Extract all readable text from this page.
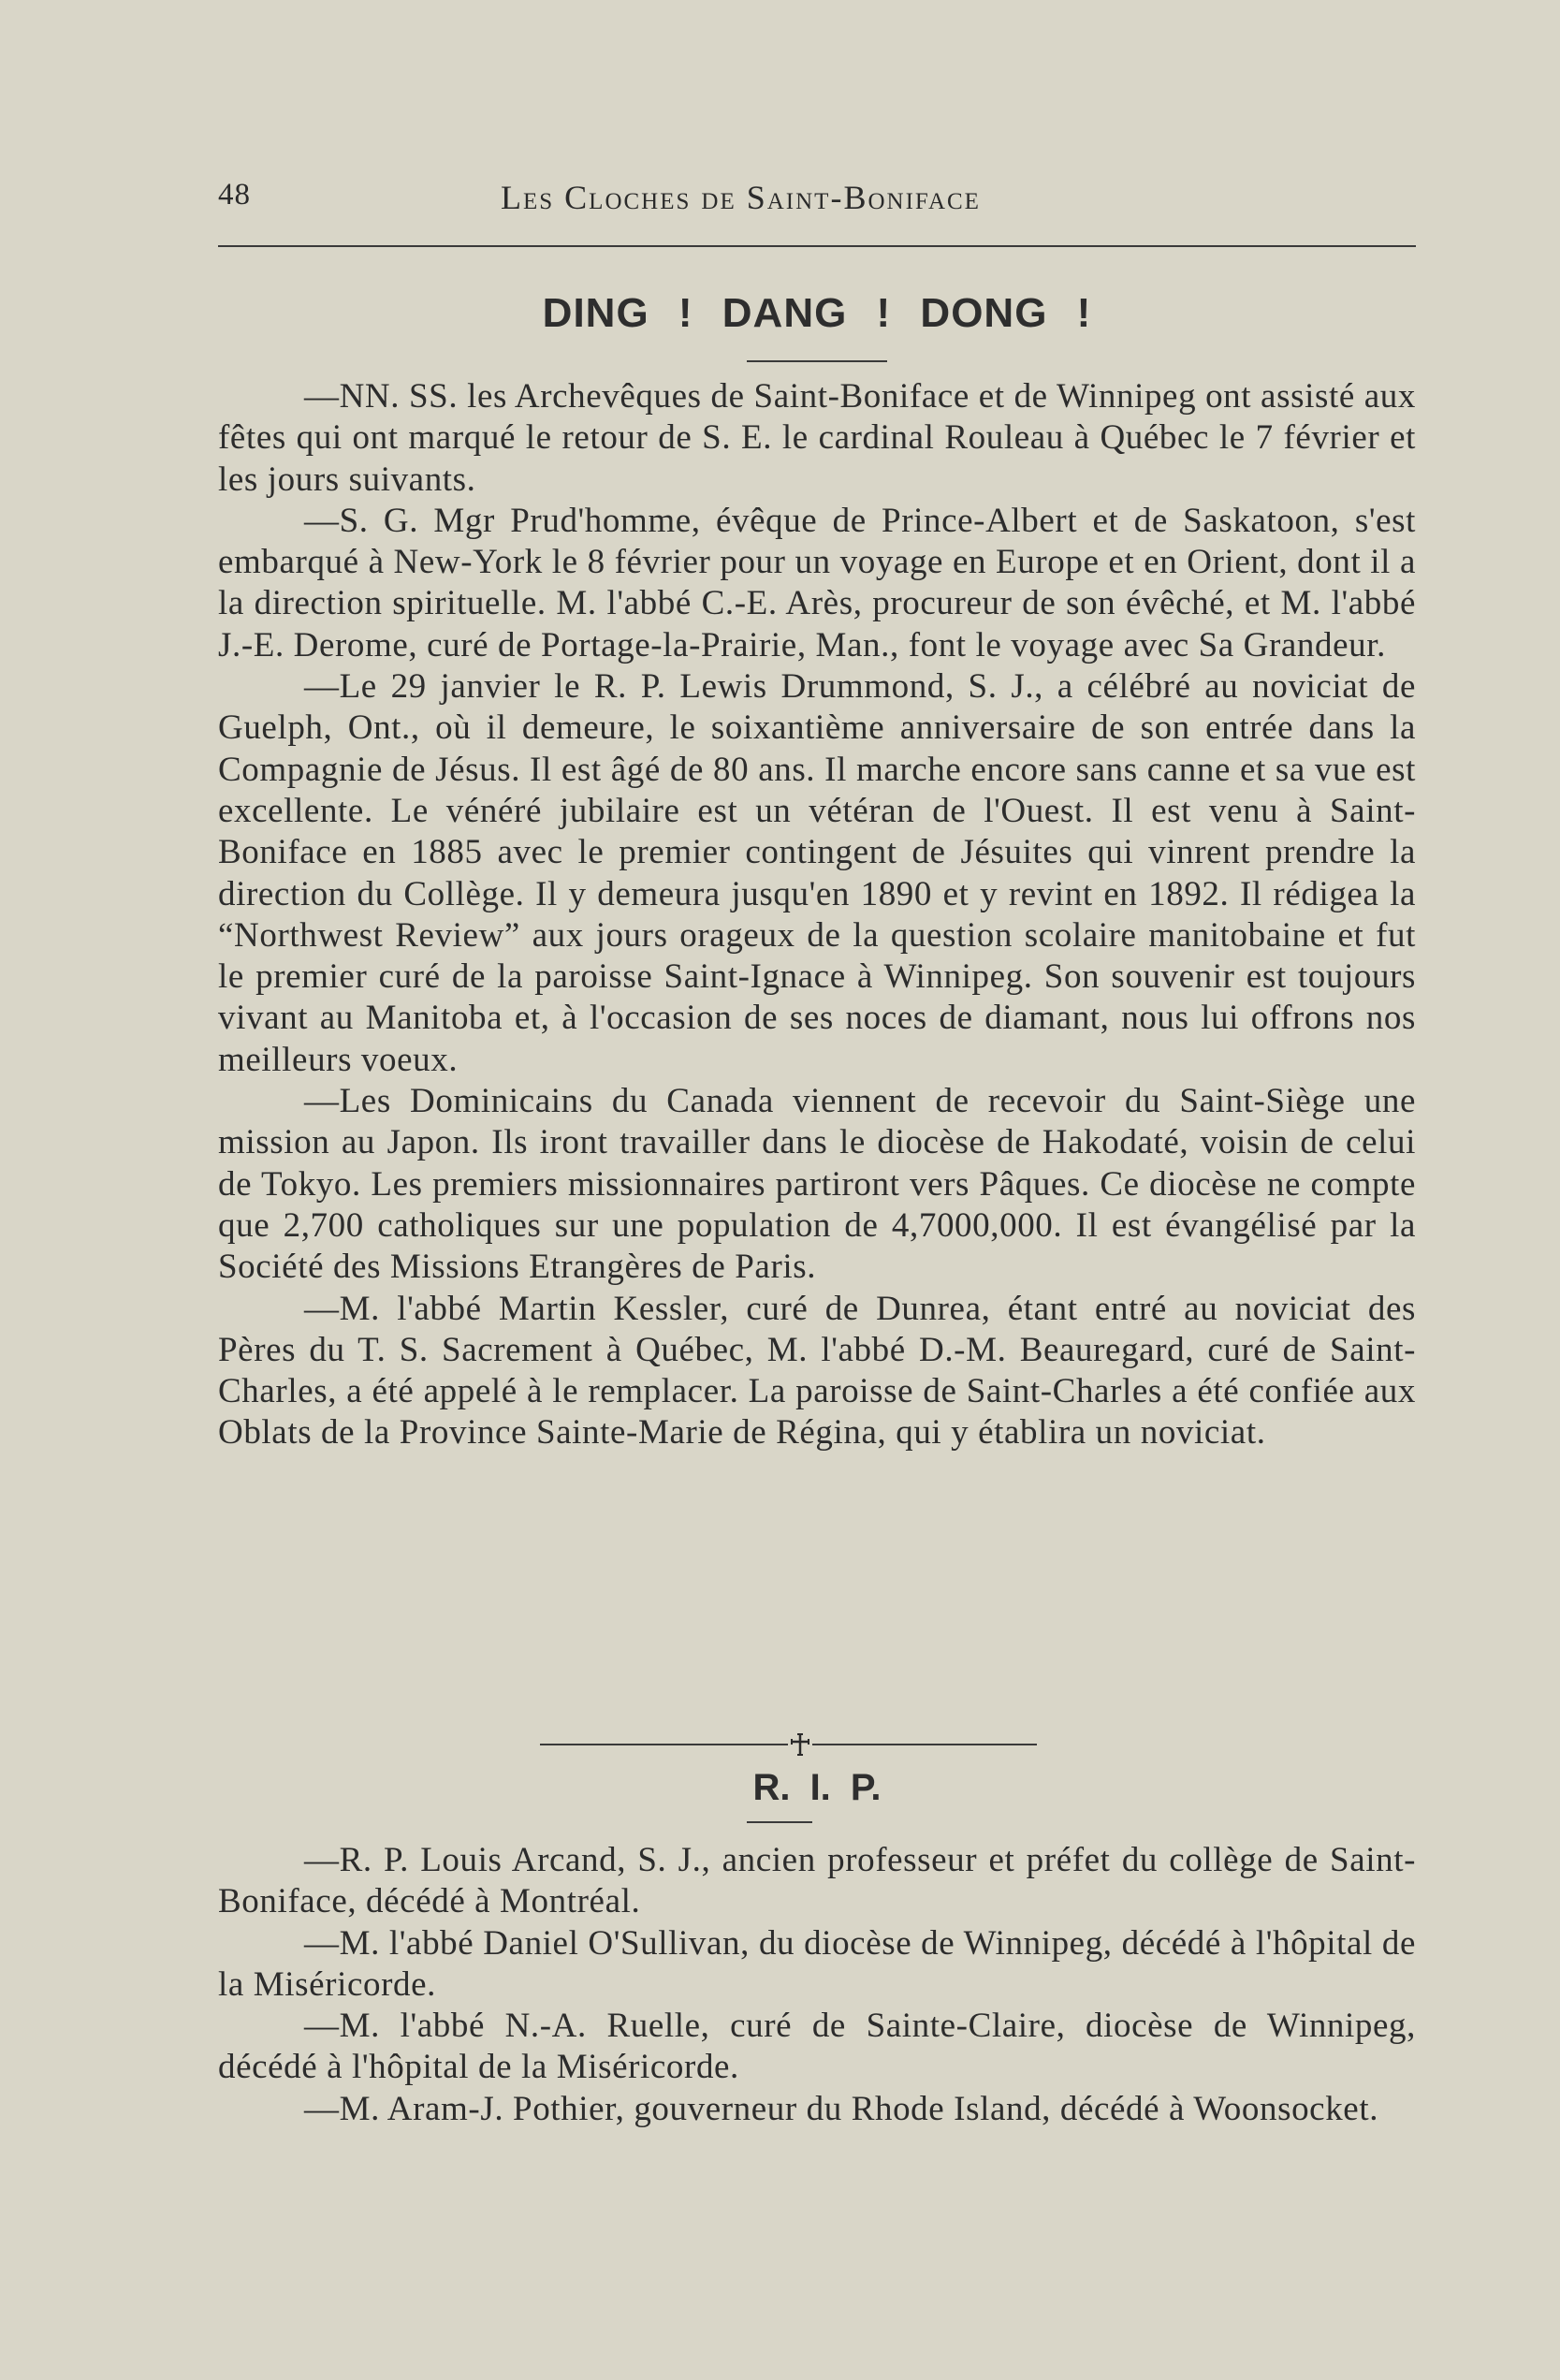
48	Les Cloches de Saint-Boniface
DING ! DANG ! DONG !

—NN. SS. les Archevêques de Saint-Boniface et de Winnipeg ont assisté aux fêtes qui ont marqué le retour de S. E. le cardinal Rouleau à Québec le 7 février et les jours suivants.

—S. G. Mgr Prud'homme, évêque de Prince-Albert et de Saskatoon, s'est embarqué à New-York le 8 février pour un voyage en Europe et en Orient, dont il a la direction spirituelle. M. l'abbé C.-E. Arès, procureur de son évêché, et M. l'abbé J.-E. Derome, curé de Portage-la-Prairie, Man., font le voyage avec Sa Grandeur.

—Le 29 janvier le R. P. Lewis Drummond, S. J., a célébré au noviciat de Guelph, Ont., où il demeure, le soixantième anniversaire de son entrée dans la Compagnie de Jésus. Il est âgé de 80 ans. Il marche encore sans canne et sa vue est excellente. Le vénéré jubilaire est un vétéran de l'Ouest. Il est venu à Saint-Boniface en 1885 avec le premier contingent de Jésuites qui vinrent prendre la direction du Collège. Il y demeura jusqu'en 1890 et y revint en 1892. Il rédigea la “Northwest Review” aux jours orageux de la question scolaire manitobaine et fut le premier curé de la paroisse Saint-Ignace à Winnipeg. Son souvenir est toujours vivant au Manitoba et, à l'occasion de ses noces de diamant, nous lui offrons nos meilleurs voeux.

—Les Dominicains du Canada viennent de recevoir du Saint-Siège une mission au Japon. Ils iront travailler dans le diocèse de Hakodaté, voisin de celui de Tokyo. Les premiers missionnaires partiront vers Pâques. Ce diocèse ne compte que 2,700 catholiques sur une population de 4,7000,000. Il est évangélisé par la Société des Missions Etrangères de Paris.

—M. l'abbé Martin Kessler, curé de Dunrea, étant entré au noviciat des Pères du T. S. Sacrement à Québec, M. l'abbé D.-M. Beauregard, curé de Saint-Charles, a été appelé à le remplacer. La paroisse de Saint-Charles a été confiée aux Oblats de la Province Sainte-Marie de Régina, qui y établira un noviciat.

R. I. P.

—R. P. Louis Arcand, S. J., ancien professeur et préfet du collège de Saint-Boniface, décédé à Montréal.

—M. l'abbé Daniel O'Sullivan, du diocèse de Winnipeg, décédé à l'hôpital de la Miséricorde.

—M. l'abbé N.-A. Ruelle, curé de Sainte-Claire, diocèse de Winnipeg, décédé à l'hôpital de la Miséricorde.

—M. Aram-J. Pothier, gouverneur du Rhode Island, décédé à Woonsocket.
